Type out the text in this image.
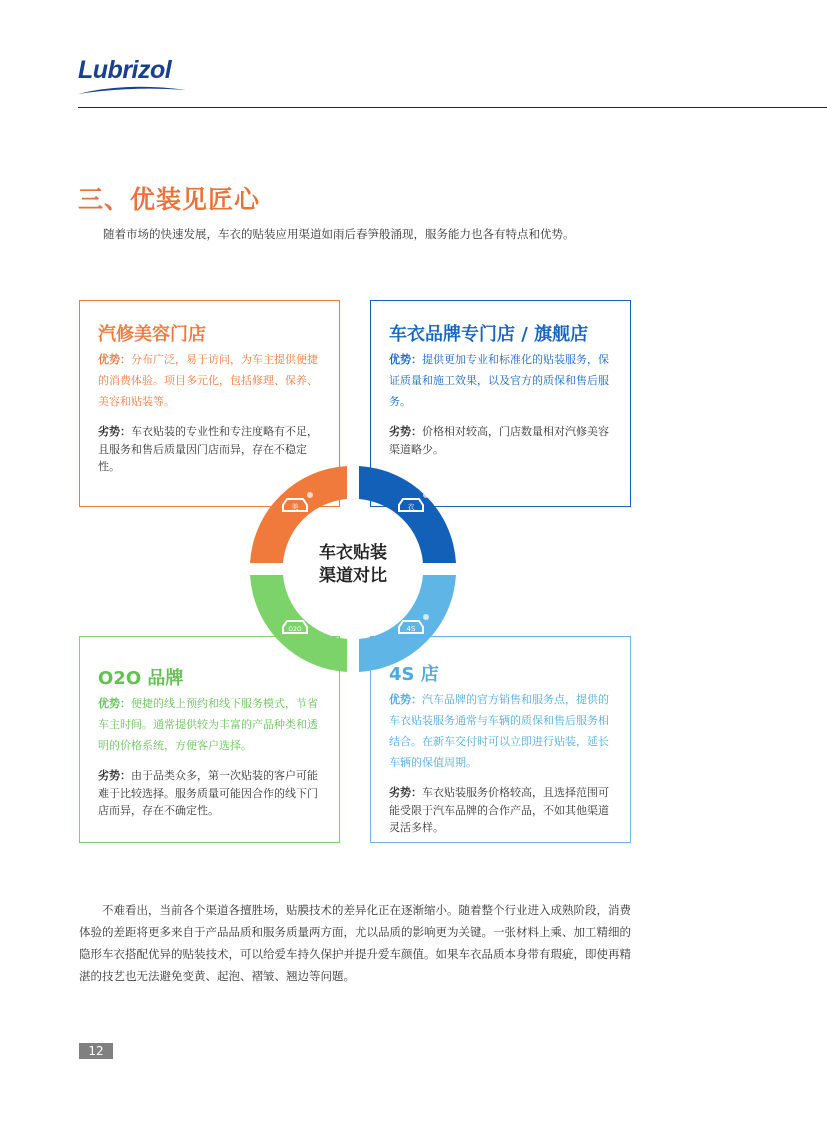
Lubrizol
三、优装见匠心
随着市场的快速发展，车衣的贴装应用渠道如雨后春笋般涌现，服务能力也各有特点和优势。
汽修美容门店

优势：分布广泛，易于访问，为车主提供便捷的消费体验。项目多元化，包括修理、保养、美容和贴装等。

劣势：车衣贴装的专业性和专注度略有不足，且服务和售后质量因门店而异，存在不稳定性。

车衣品牌专门店 / 旗舰店

优势：提供更加专业和标准化的贴装服务，保证质量和施工效果，以及官方的质保和售后服务。

劣势：价格相对较高，门店数量相对汽修美容渠道略少。

O2O 品牌

优势：便捷的线上预约和线下服务模式，节省车主时间。通常提供较为丰富的产品种类和透明的价格系统，方便客户选择。

劣势：由于品类众多，第一次贴装的客户可能难于比较选择。服务质量可能因合作的线下门店而异，存在不确定性。

4S 店

优势：汽车品牌的官方销售和服务点，提供的车衣贴装服务通常与车辆的质保和售后服务相结合。在新车交付时可以立即进行贴装，延长车辆的保值周期。

劣势：车衣贴装服务价格较高，且选择范围可能受限于汽车品牌的合作产品，不如其他渠道灵活多样。

美	衣
4S
O2O
车衣贴装
渠道对比
不难看出，当前各个渠道各擅胜场，贴膜技术的差异化正在逐渐缩小。随着整个行业进入成熟阶段，消费体验的差距将更多来自于产品品质和服务质量两方面，尤以品质的影响更为关键。一张材料上乘、加工精细的隐形车衣搭配优异的贴装技术，可以给爱车持久保护并提升爱车颜值。如果车衣品质本身带有瑕疵，即使再精湛的技艺也无法避免变黄、起泡、褶皱、翘边等问题。
12
